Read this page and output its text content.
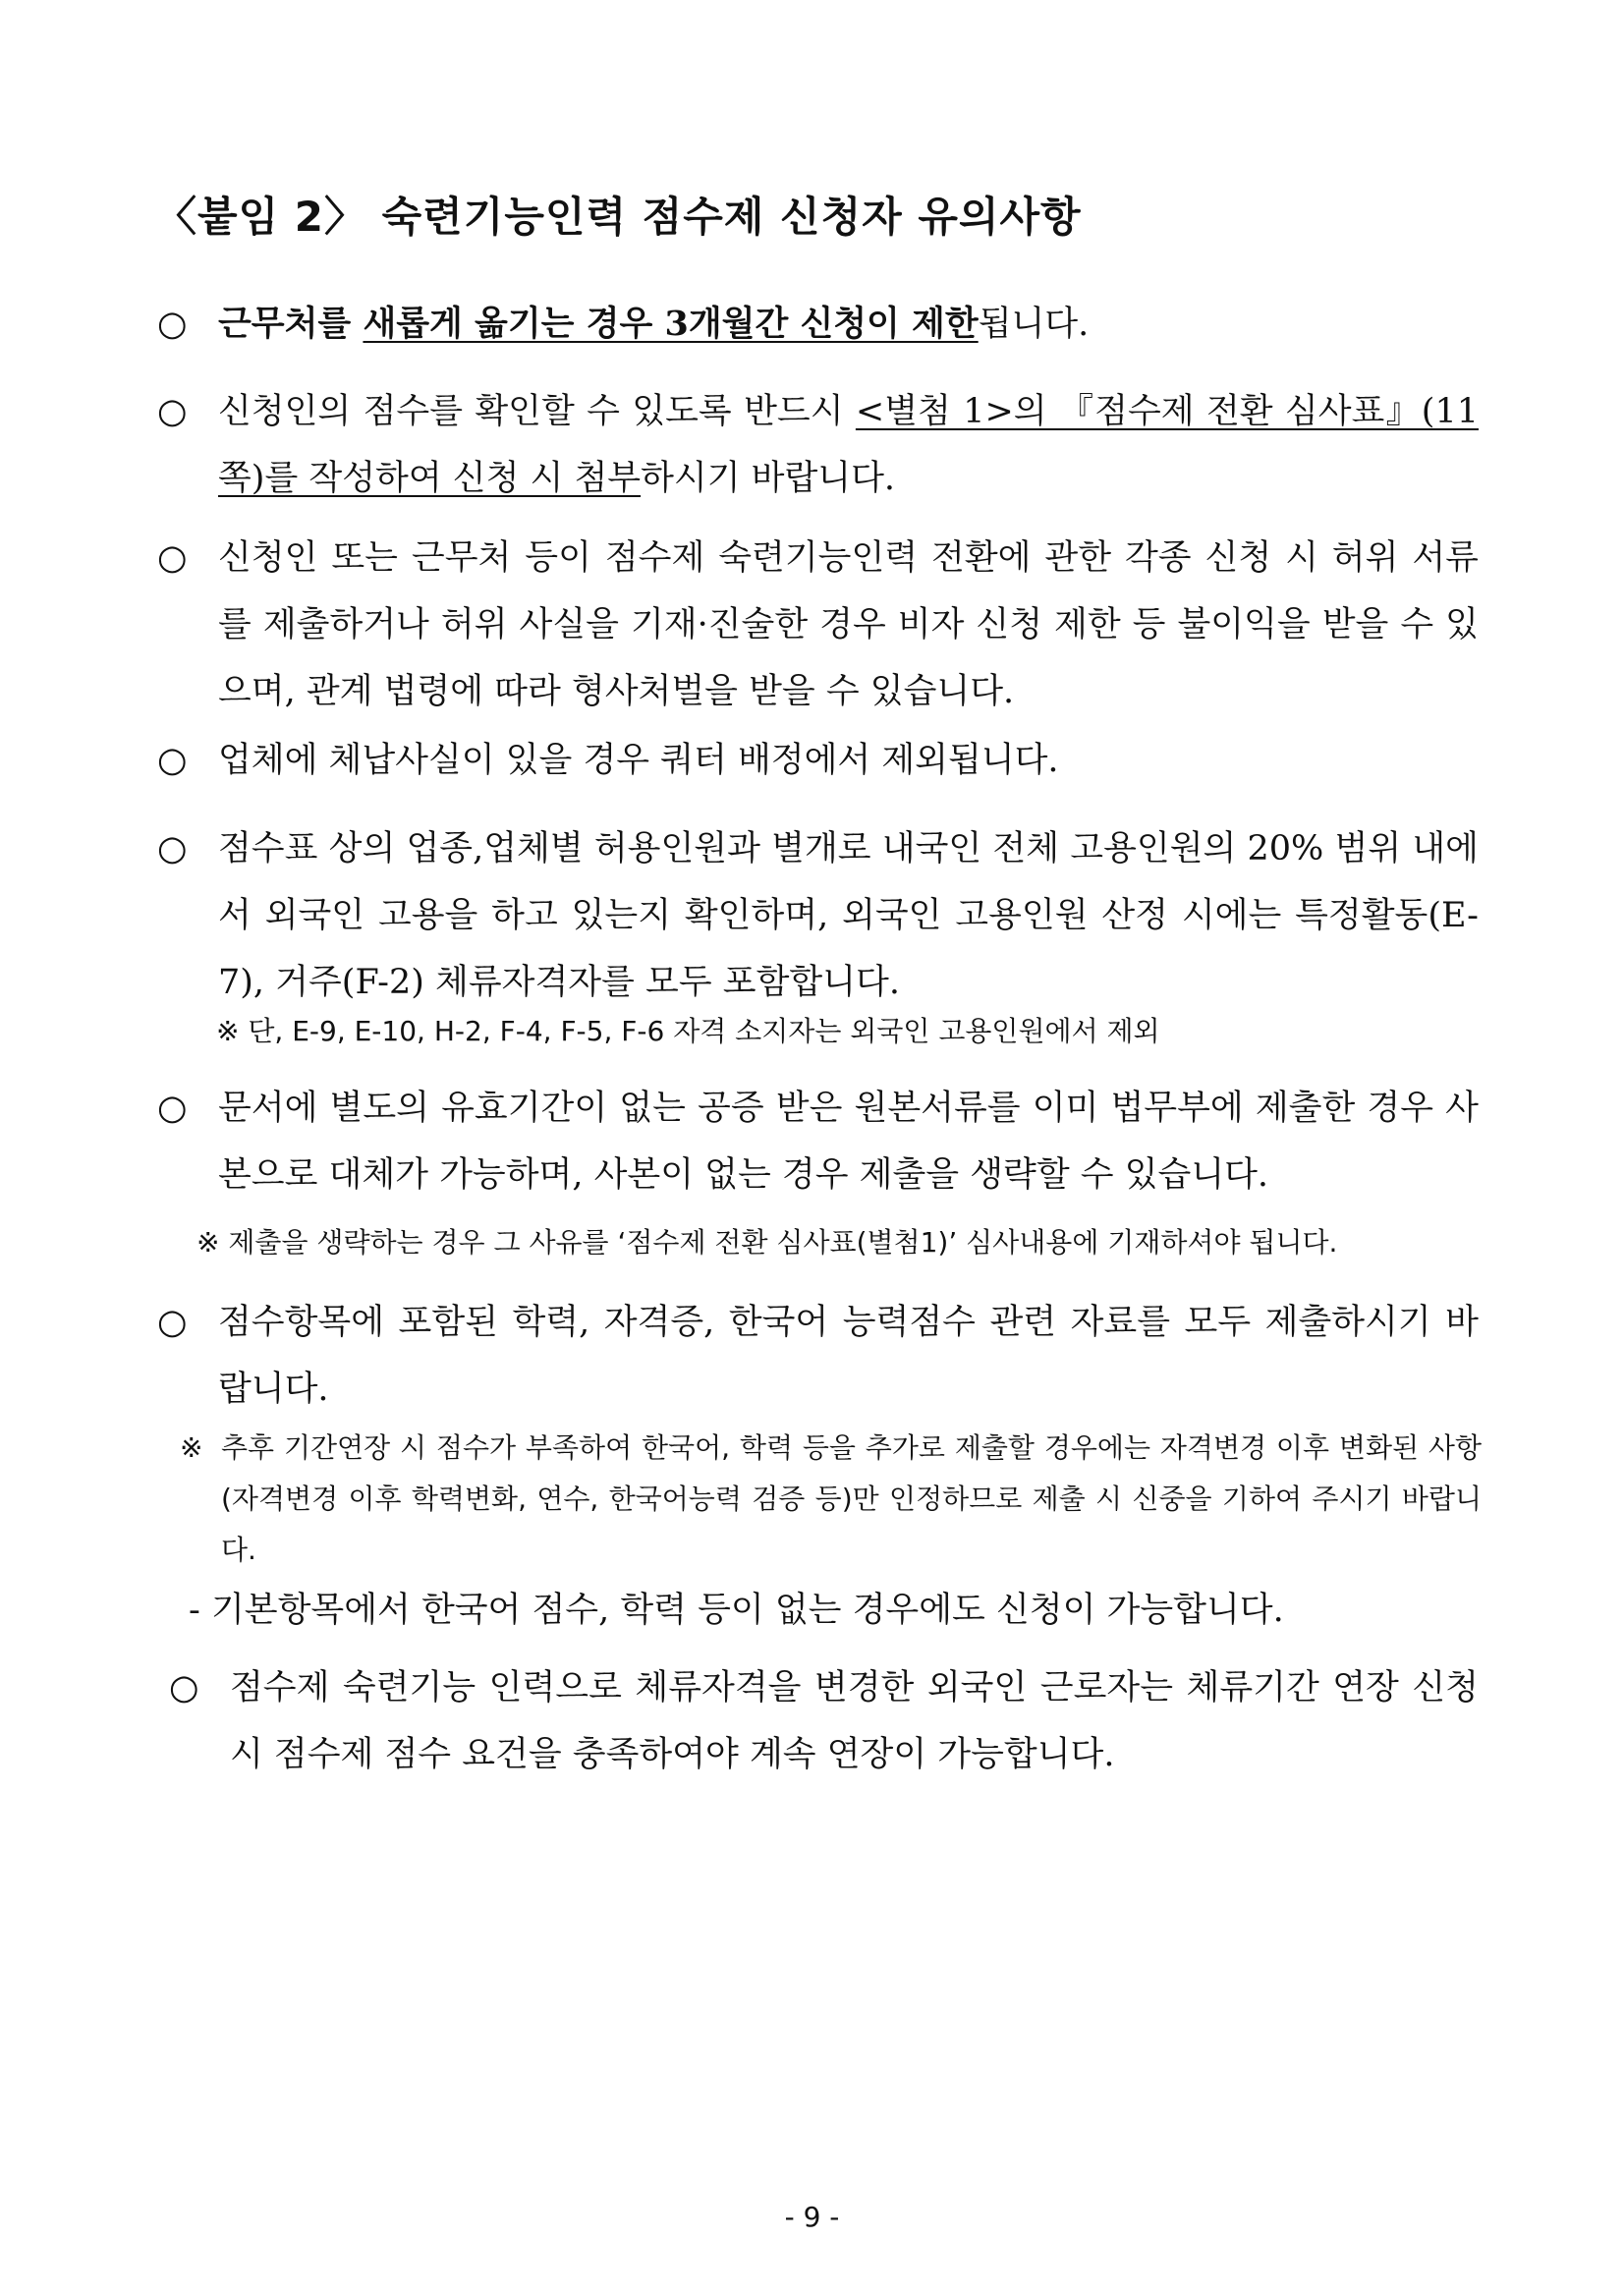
〈붙임 2〉 숙련기능인력 점수제 신청자 유의사항
○ 근무처를 새롭게 옮기는 경우 3개월간 신청이 제한됩니다.
○ 신청인의 점수를 확인할 수 있도록 반드시 <별첨 1>의 『점수제 전환 심사표』(11쪽)를 작성하여 신청 시 첨부하시기 바랍니다.
○ 신청인 또는 근무처 등이 점수제 숙련기능인력 전환에 관한 각종 신청 시 허위 서류를 제출하거나 허위 사실을 기재·진술한 경우 비자 신청 제한 등 불이익을 받을 수 있으며, 관계 법령에 따라 형사처벌을 받을 수 있습니다.
○ 업체에 체납사실이 있을 경우 쿼터 배정에서 제외됩니다.
○ 점수표 상의 업종,업체별 허용인원과 별개로 내국인 전체 고용인원의 20% 범위 내에서 외국인 고용을 하고 있는지 확인하며, 외국인 고용인원 산정 시에는 특정활동(E-7), 거주(F-2) 체류자격자를 모두 포함합니다.
※ 단, E-9, E-10, H-2, F-4, F-5, F-6 자격 소지자는 외국인 고용인원에서 제외
○ 문서에 별도의 유효기간이 없는 공증 받은 원본서류를 이미 법무부에 제출한 경우 사본으로 대체가 가능하며, 사본이 없는 경우 제출을 생략할 수 있습니다.
※ 제출을 생략하는 경우 그 사유를 ‘점수제 전환 심사표(별첨1)’ 심사내용에 기재하셔야 됩니다.
○ 점수항목에 포함된 학력, 자격증, 한국어 능력점수 관련 자료를 모두 제출하시기 바랍니다.
※ 추후 기간연장 시 점수가 부족하여 한국어, 학력 등을 추가로 제출할 경우에는 자격변경 이후 변화된 사항(자격변경 이후 학력변화, 연수, 한국어능력 검증 등)만 인정하므로 제출 시 신중을 기하여 주시기 바랍니다.
- 기본항목에서 한국어 점수, 학력 등이 없는 경우에도 신청이 가능합니다.
○ 점수제 숙련기능 인력으로 체류자격을 변경한 외국인 근로자는 체류기간 연장 신청 시 점수제 점수 요건을 충족하여야 계속 연장이 가능합니다.
- 9 -
